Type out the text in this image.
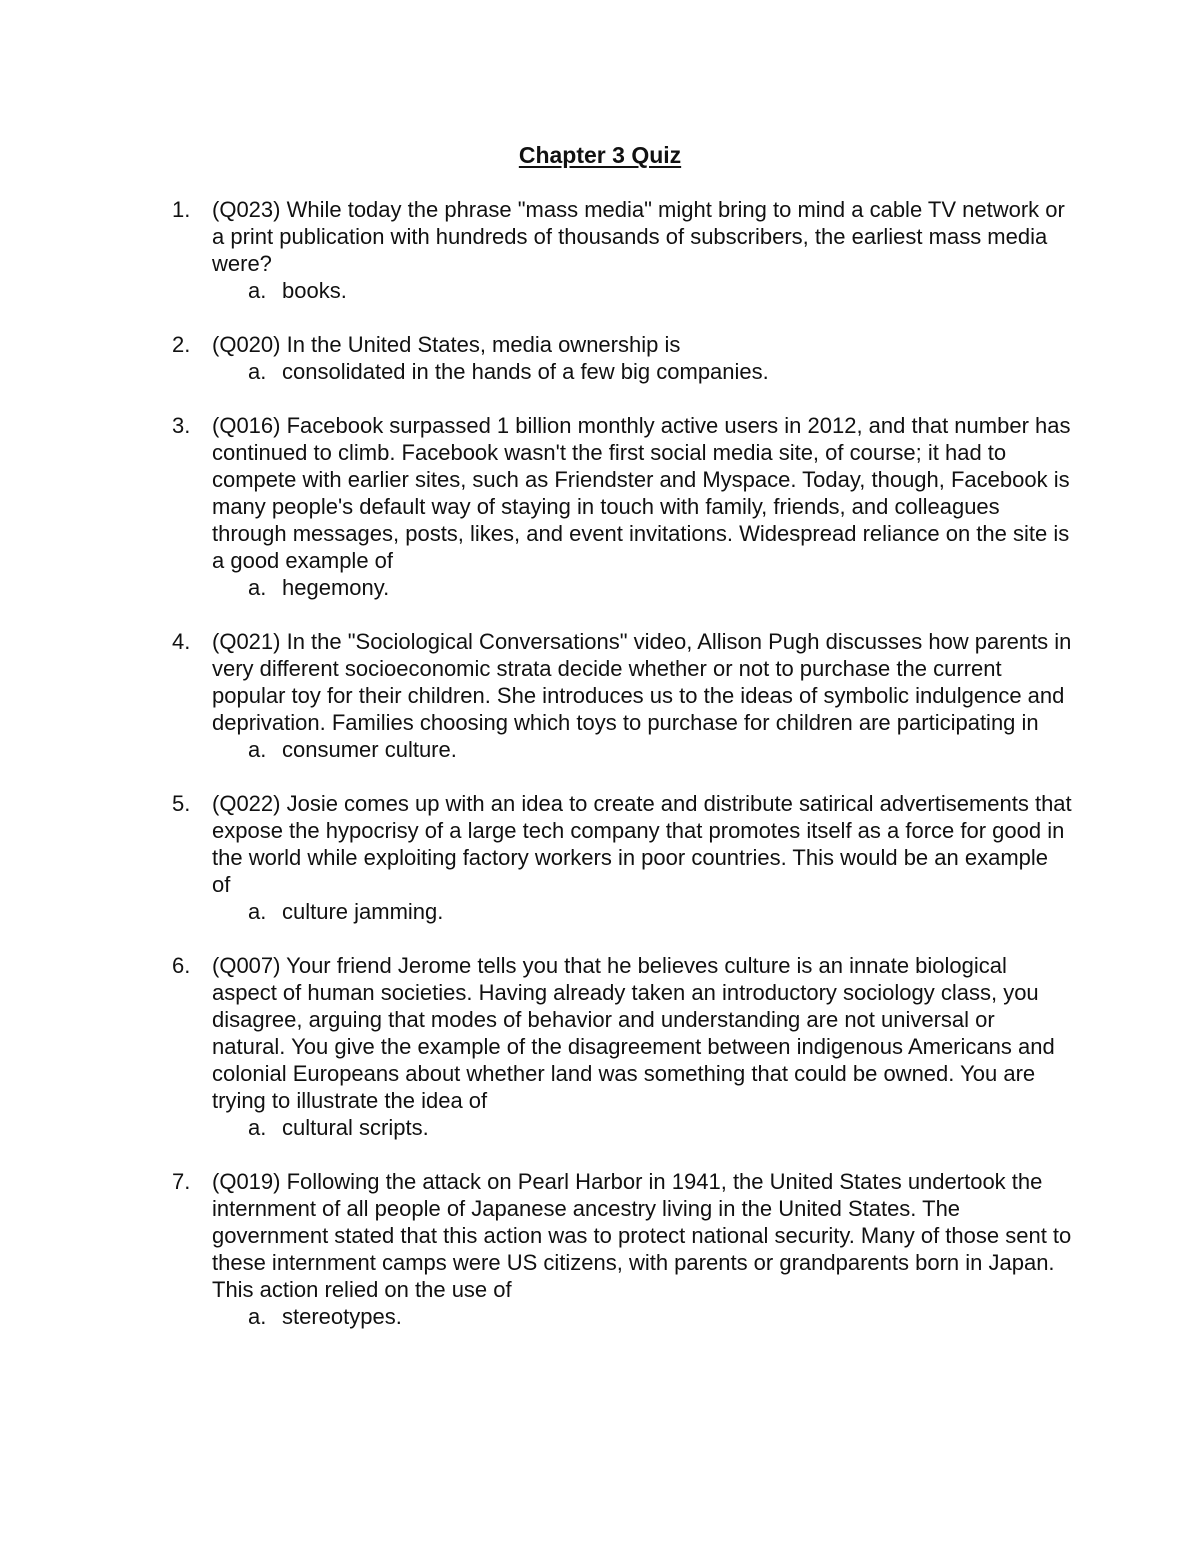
Chapter 3 Quiz
1. (Q023) While today the phrase "mass media" might bring to mind a cable TV network or a print publication with hundreds of thousands of subscribers, the earliest mass media were?
a. books.
2. (Q020) In the United States, media ownership is
a. consolidated in the hands of a few big companies.
3. (Q016) Facebook surpassed 1 billion monthly active users in 2012, and that number has continued to climb. Facebook wasn't the first social media site, of course; it had to compete with earlier sites, such as Friendster and Myspace. Today, though, Facebook is many people's default way of staying in touch with family, friends, and colleagues through messages, posts, likes, and event invitations. Widespread reliance on the site is a good example of
a. hegemony.
4. (Q021) In the "Sociological Conversations" video, Allison Pugh discusses how parents in very different socioeconomic strata decide whether or not to purchase the current popular toy for their children. She introduces us to the ideas of symbolic indulgence and deprivation. Families choosing which toys to purchase for children are participating in
a. consumer culture.
5. (Q022) Josie comes up with an idea to create and distribute satirical advertisements that expose the hypocrisy of a large tech company that promotes itself as a force for good in the world while exploiting factory workers in poor countries. This would be an example of
a. culture jamming.
6. (Q007) Your friend Jerome tells you that he believes culture is an innate biological aspect of human societies. Having already taken an introductory sociology class, you disagree, arguing that modes of behavior and understanding are not universal or natural. You give the example of the disagreement between indigenous Americans and colonial Europeans about whether land was something that could be owned. You are trying to illustrate the idea of
a. cultural scripts.
7. (Q019) Following the attack on Pearl Harbor in 1941, the United States undertook the internment of all people of Japanese ancestry living in the United States. The government stated that this action was to protect national security. Many of those sent to these internment camps were US citizens, with parents or grandparents born in Japan. This action relied on the use of
a. stereotypes.
